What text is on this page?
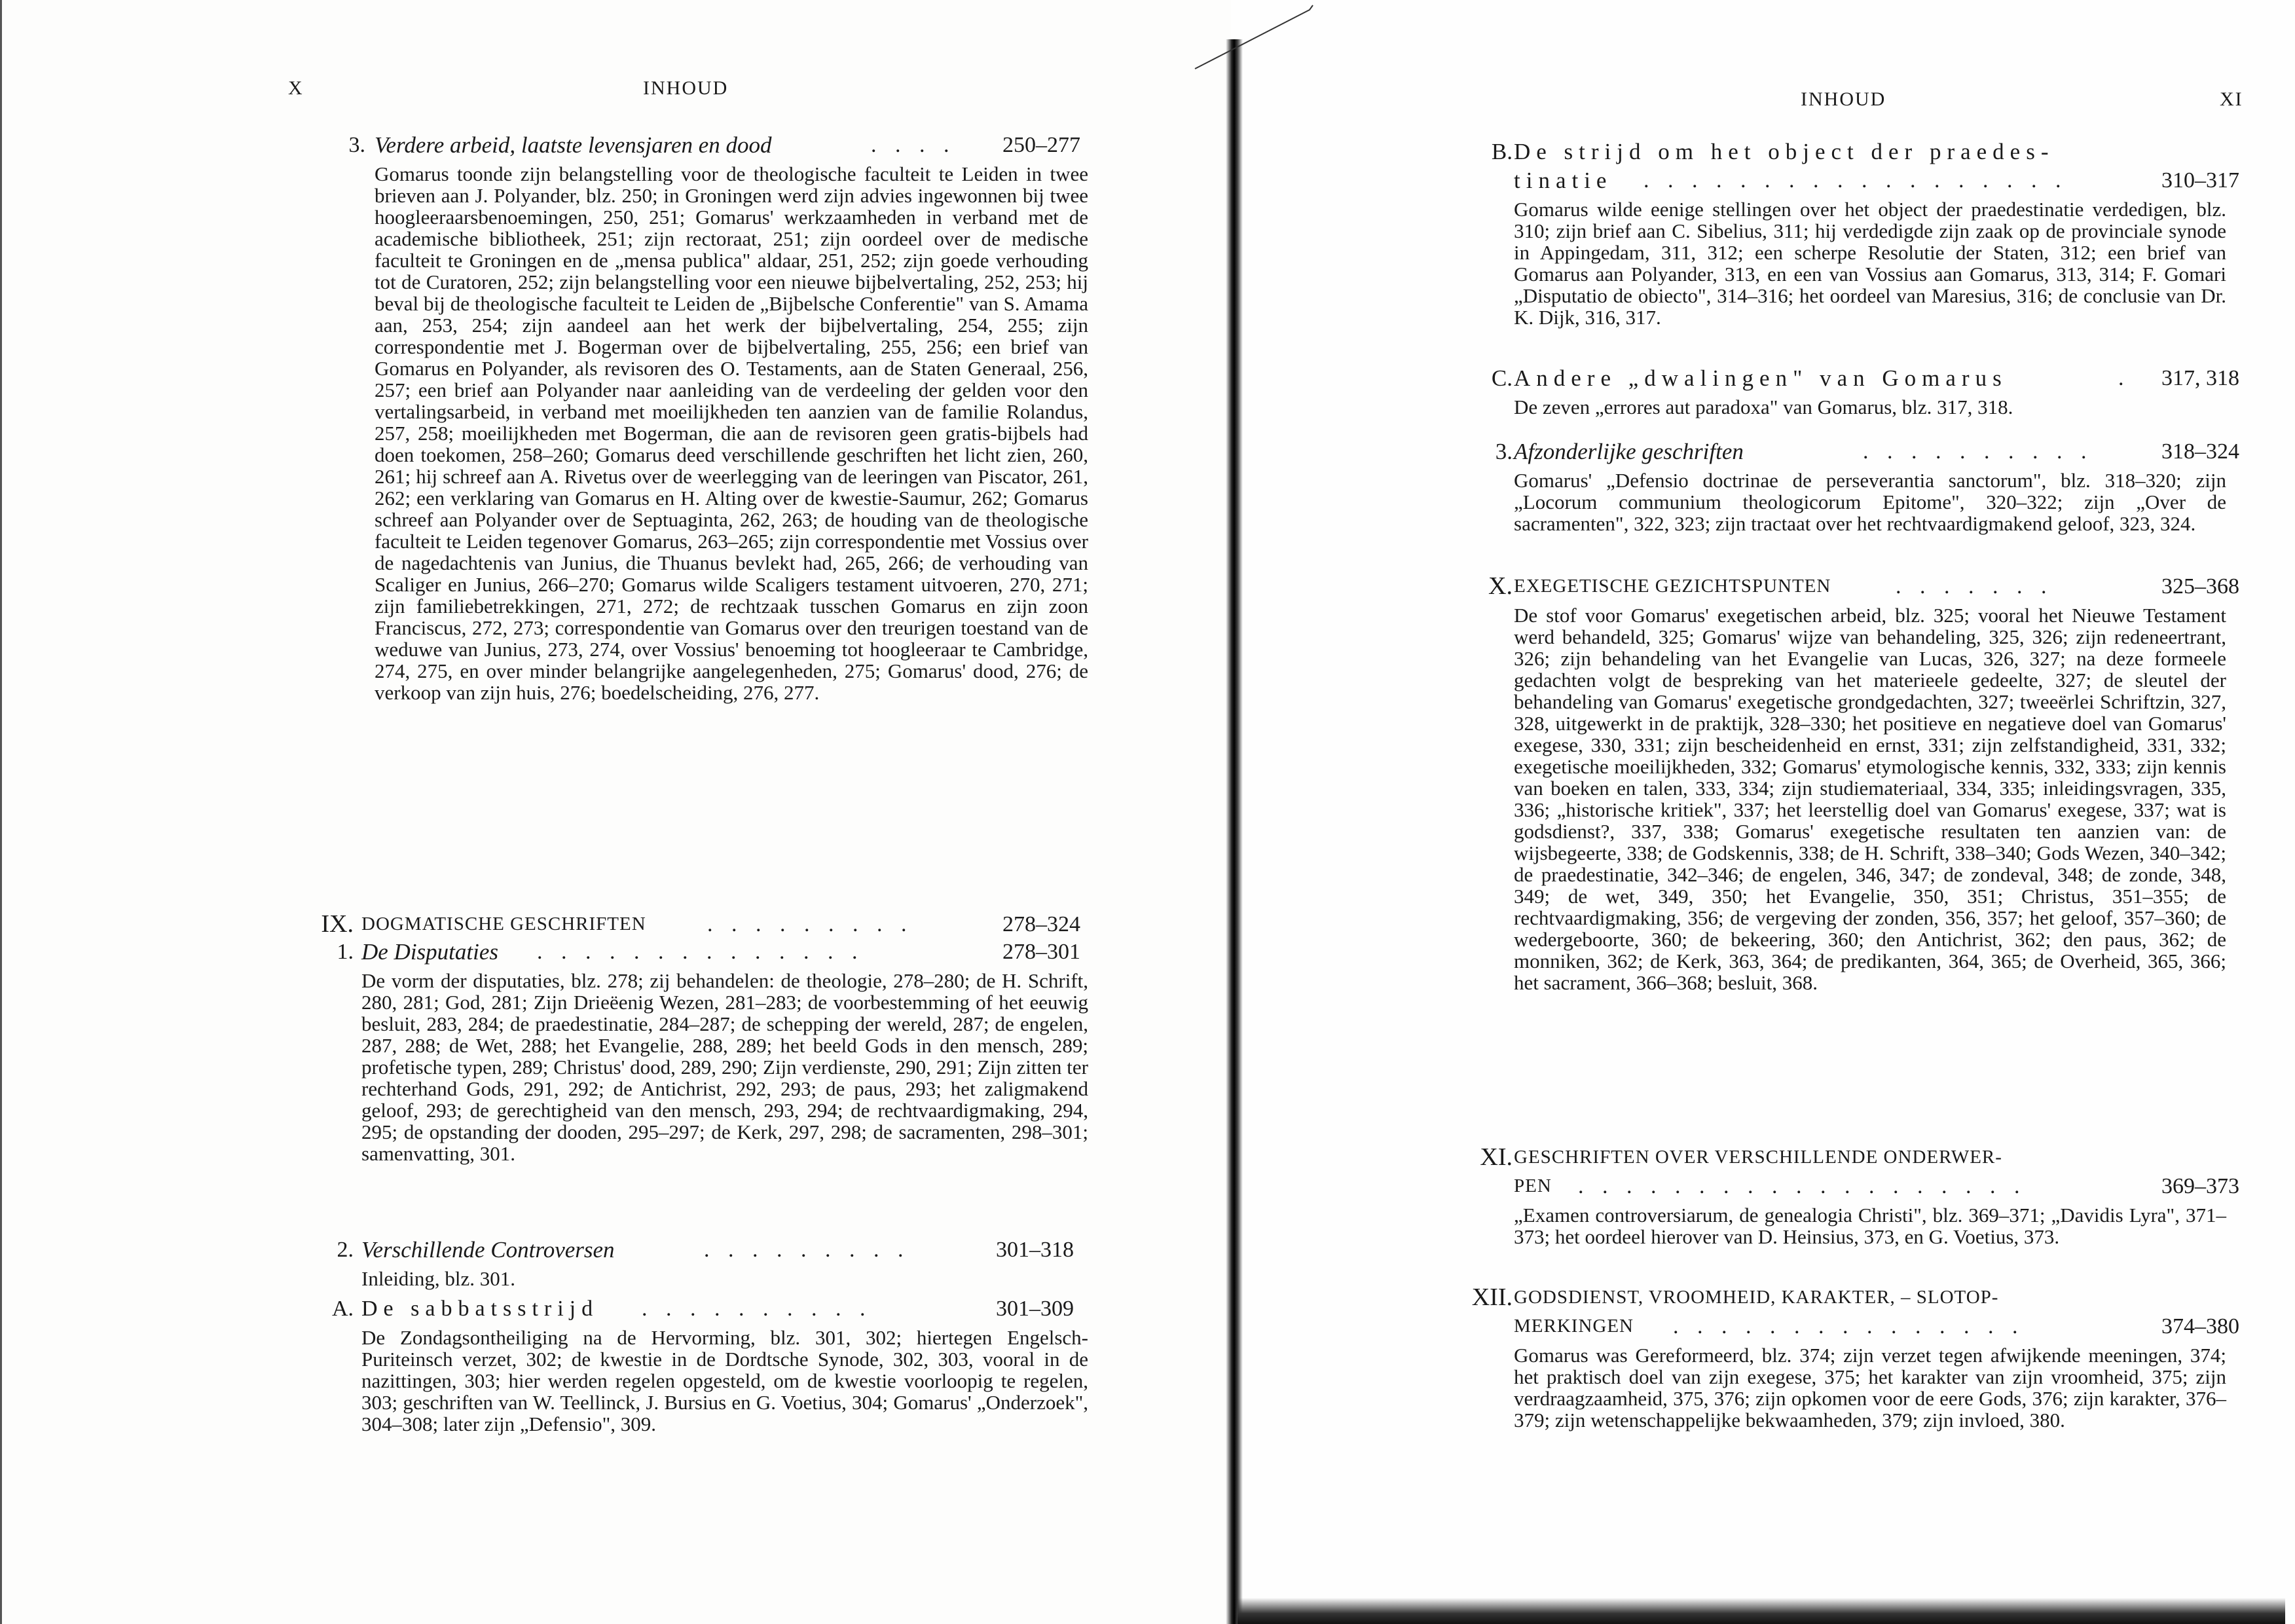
X	INHOUD
3. Verdere arbeid, laatste levensjaren en dood	. . . . 250–277
Gomarus toonde zijn belangstelling voor de theologische faculteit te Leiden in twee brieven aan J. Polyander, blz. 250; in Groningen werd zijn advies ingewonnen bij twee hoogleeraarsbenoemingen, 250, 251; Gomarus' werkzaamheden in verband met de academische bibliotheek, 251; zijn rectoraat, 251; zijn oordeel over de medische faculteit te Groningen en de „mensa publica" aldaar, 251, 252; zijn goede verhouding tot de Curatoren, 252; zijn belangstelling voor een nieuwe bijbelvertaling, 252, 253; hij beval bij de theologische faculteit te Leiden de „Bijbelsche Conferentie" van S. Amama aan, 253, 254; zijn aandeel aan het werk der bijbelvertaling, 254, 255; zijn correspondentie met J. Bogerman over de bijbelvertaling, 255, 256; een brief van Gomarus en Polyander, als revisoren des O. Testaments, aan de Staten Generaal, 256, 257; een brief aan Polyander naar aanleiding van de verdeeling der gelden voor den vertalingsarbeid, in verband met moeilijkheden ten aanzien van de familie Rolandus, 257, 258; moeilijkheden met Bogerman, die aan de revisoren geen gratis-bijbels had doen toekomen, 258–260; Gomarus deed verschillende geschriften het licht zien, 260, 261; hij schreef aan A. Rivetus over de weerlegging van de leeringen van Piscator, 261, 262; een verklaring van Gomarus en H. Alting over de kwestie-Saumur, 262; Gomarus schreef aan Polyander over de Septuaginta, 262, 263; de houding van de theologische faculteit te Leiden tegenover Gomarus, 263–265; zijn correspondentie met Vossius over de nagedachtenis van Junius, die Thuanus bevlekt had, 265, 266; de verhouding van Scaliger en Junius, 266–270; Gomarus wilde Scaligers testament uitvoeren, 270, 271; zijn familiebetrekkingen, 271, 272; de rechtzaak tusschen Gomarus en zijn zoon Franciscus, 272, 273; correspondentie van Gomarus over den treurigen toestand van de weduwe van Junius, 273, 274, over Vossius' benoeming tot hoogleeraar te Cambridge, 274, 275, en over minder belangrijke aangelegenheden, 275; Gomarus' dood, 276; de verkoop van zijn huis, 276; boedelscheiding, 276, 277.
IX. DOGMATISCHE GESCHRIFTEN	. . . . . . . . .	278–324
1. De Disputaties . . . . . . . . . . . . . .	278–301
De vorm der disputaties, blz. 278; zij behandelen: de theologie, 278–280; de H. Schrift, 280, 281; God, 281; Zijn Drieëenig Wezen, 281–283; de voorbestemming of het eeuwig besluit, 283, 284; de praedestinatie, 284–287; de schepping der wereld, 287; de engelen, 287, 288; de Wet, 288; het Evangelie, 288, 289; het beeld Gods in den mensch, 289; profetische typen, 289; Christus' dood, 289, 290; Zijn verdienste, 290, 291; Zijn zitten ter rechterhand Gods, 291, 292; de Antichrist, 292, 293; de paus, 293; het zaligmakend geloof, 293; de gerechtigheid van den mensch, 293, 294; de rechtvaardigmaking, 294, 295; de opstanding der dooden, 295–297; de Kerk, 297, 298; de sacramenten, 298–301; samenvatting, 301.
2. Verschillende Controversen	. . . . . . . . .	301–318
Inleiding, blz. 301.
A. De sabbatsstrijd . . . . . . . . . .	301–309
De Zondagsontheiliging na de Hervorming, blz. 301, 302; hiertegen Engelsch-Puriteinsch verzet, 302; de kwestie in de Dordtsche Synode, 302, 303, vooral in de nazittingen, 303; hier werden regelen opgesteld, om de kwestie voorloopig te regelen, 303; geschriften van W. Teellinck, J. Bursius en G. Voetius, 304; Gomarus' „Onderzoek", 304–308; later zijn „Defensio", 309.
INHOUD	XI
B. De strijd om het object der praedes-
tinatie . . . . . . . . . . . . . . . . . .	310–317
Gomarus wilde eenige stellingen over het object der praedestinatie verdedigen, blz. 310; zijn brief aan C. Sibelius, 311; hij verdedigde zijn zaak op de provinciale synode in Appingedam, 311, 312; een scherpe Resolutie der Staten, 312; een brief van Gomarus aan Polyander, 313, en een van Vossius aan Gomarus, 313, 314; F. Gomari „Disputatio de obiecto", 314–316; het oordeel van Maresius, 316; de conclusie van Dr. K. Dijk, 316, 317.
C. Andere „dwalingen" van Gomarus	. 317, 318
De zeven „errores aut paradoxa" van Gomarus, blz. 317, 318.
3. Afzonderlijke geschriften	. . . . . . . . . .	318–324
Gomarus' „Defensio doctrinae de perseverantia sanctorum", blz. 318–320; zijn „Locorum communium theologicorum Epitome", 320–322; zijn „Over de sacramenten", 322, 323; zijn tractaat over het rechtvaardigmakend geloof, 323, 324.
X. EXEGETISCHE GEZICHTSPUNTEN	. . . . . . .	325–368
De stof voor Gomarus' exegetischen arbeid, blz. 325; vooral het Nieuwe Testament werd behandeld, 325; Gomarus' wijze van behandeling, 325, 326; zijn redeneertrant, 326; zijn behandeling van het Evangelie van Lucas, 326, 327; na deze formeele gedachten volgt de bespreking van het materieele gedeelte, 327; de sleutel der behandeling van Gomarus' exegetische grondgedachten, 327; tweeërlei Schriftzin, 327, 328, uitgewerkt in de praktijk, 328–330; het positieve en negatieve doel van Gomarus' exegese, 330, 331; zijn bescheidenheid en ernst, 331; zijn zelfstandigheid, 331, 332; exegetische moeilijkheden, 332; Gomarus' etymologische kennis, 332, 333; zijn kennis van boeken en talen, 333, 334; zijn studiemateriaal, 334, 335; inleidingsvragen, 335, 336; „historische kritiek", 337; het leerstellig doel van Gomarus' exegese, 337; wat is godsdienst?, 337, 338; Gomarus' exegetische resultaten ten aanzien van: de wijsbegeerte, 338; de Godskennis, 338; de H. Schrift, 338–340; Gods Wezen, 340–342; de praedestinatie, 342–346; de engelen, 346, 347; de zondeval, 348; de zonde, 348, 349; de wet, 349, 350; het Evangelie, 350, 351; Christus, 351–355; de rechtvaardigmaking, 356; de vergeving der zonden, 356, 357; het geloof, 357–360; de wedergeboorte, 360; de bekeering, 360; den Antichrist, 362; den paus, 362; de monniken, 362; de Kerk, 363, 364; de predikanten, 364, 365; de Overheid, 365, 366; het sacrament, 366–368; besluit, 368.
XI. GESCHRIFTEN OVER VERSCHILLENDE ONDERWER-
PEN . . . . . . . . . . . . . . . . . . .	369–373
„Examen controversiarum, de genealogia Christi", blz. 369–371; „Davidis Lyra", 371–373; het oordeel hierover van D. Heinsius, 373, en G. Voetius, 373.
XII. GODSDIENST, VROOMHEID, KARAKTER, – SLOTOP-
MERKINGEN . . . . . . . . . . . . . . .	374–380
Gomarus was Gereformeerd, blz. 374; zijn verzet tegen afwijkende meeningen, 374; het praktisch doel van zijn exegese, 375; het karakter van zijn vroomheid, 375; zijn verdraagzaamheid, 375, 376; zijn opkomen voor de eere Gods, 376; zijn karakter, 376–379; zijn wetenschappelijke bekwaamheden, 379; zijn invloed, 380.
